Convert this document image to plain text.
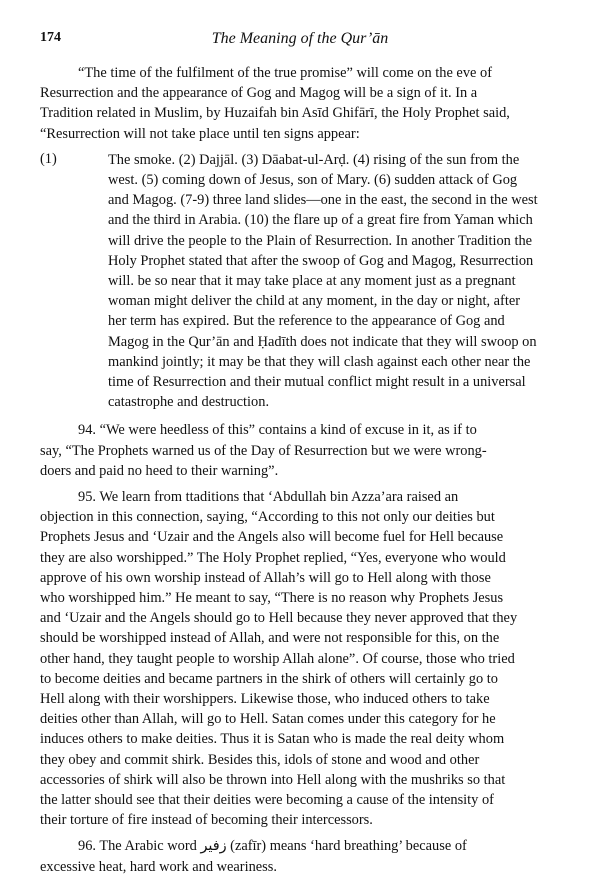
174	The Meaning of the Qur’ān
“The time of the fulfilment of the true promise” will come on the eve of
Resurrection and the appearance of Gog and Magog will be a sign of it. In a
Tradition related in Muslim, by Huzaifah bin Asīd Ghifārī, the Holy Prophet said,
“Resurrection will not take place until ten signs appear:
(1)	The smoke. (2) Dajjāl. (3) Dāabat-ul-Arḍ. (4) rising of the sun from the
west. (5) coming down of Jesus, son of Mary. (6) sudden attack of Gog
and Magog. (7-9) three land slides—one in the east, the second in the west
and the third in Arabia. (10) the flare up of a great fire from Yaman which
will drive the people to the Plain of Resurrection. In another Tradition the
Holy Prophet stated that after the swoop of Gog and Magog, Resurrection
will. be so near that it may take place at any moment just as a pregnant
woman might deliver the child at any moment, in the day or night, after
her term has expired. But the reference to the appearance of Gog and
Magog in the Qur’ān and Ḥadīth does not indicate that they will swoop on
mankind jointly; it may be that they will clash against each other near the
time of Resurrection and their mutual conflict might result in a universal
catastrophe and destruction.
94. “We were heedless of this” contains a kind of excuse in it, as if to
say, “The Prophets warned us of the Day of Resurrection but we were wrong-
doers and paid no heed to their warning”.
95. We learn from ttaditions that ‘Abdullah bin Azza’ara raised an
objection in this connection, saying, “According to this not only our deities but
Prophets Jesus and ‘Uzair and the Angels also will become fuel for Hell because
they are also worshipped.” The Holy Prophet replied, “Yes, everyone who would
approve of his own worship instead of Allah’s will go to Hell along with those
who worshipped him.” He meant to say, “There is no reason why Prophets Jesus
and ‘Uzair and the Angels should go to Hell because they never approved that they
should be worshipped instead of Allah, and were not responsible for this, on the
other hand, they taught people to worship Allah alone”. Of course, those who tried
to become deities and became partners in the shirk of others will certainly go to
Hell along with their worshippers. Likewise those, who induced others to take
deities other than Allah, will go to Hell. Satan comes under this category for he
induces others to make deities. Thus it is Satan who is made the real deity whom
they obey and commit shirk. Besides this, idols of stone and wood and other
accessories of shirk will also be thrown into Hell along with the mushriks so that
the latter should see that their deities were becoming a cause of the intensity of
their torture of fire instead of becoming their intercessors.
96. The Arabic word زفير (zafīr) means ‘hard breathing’ because of
excessive heat, hard work and weariness.
